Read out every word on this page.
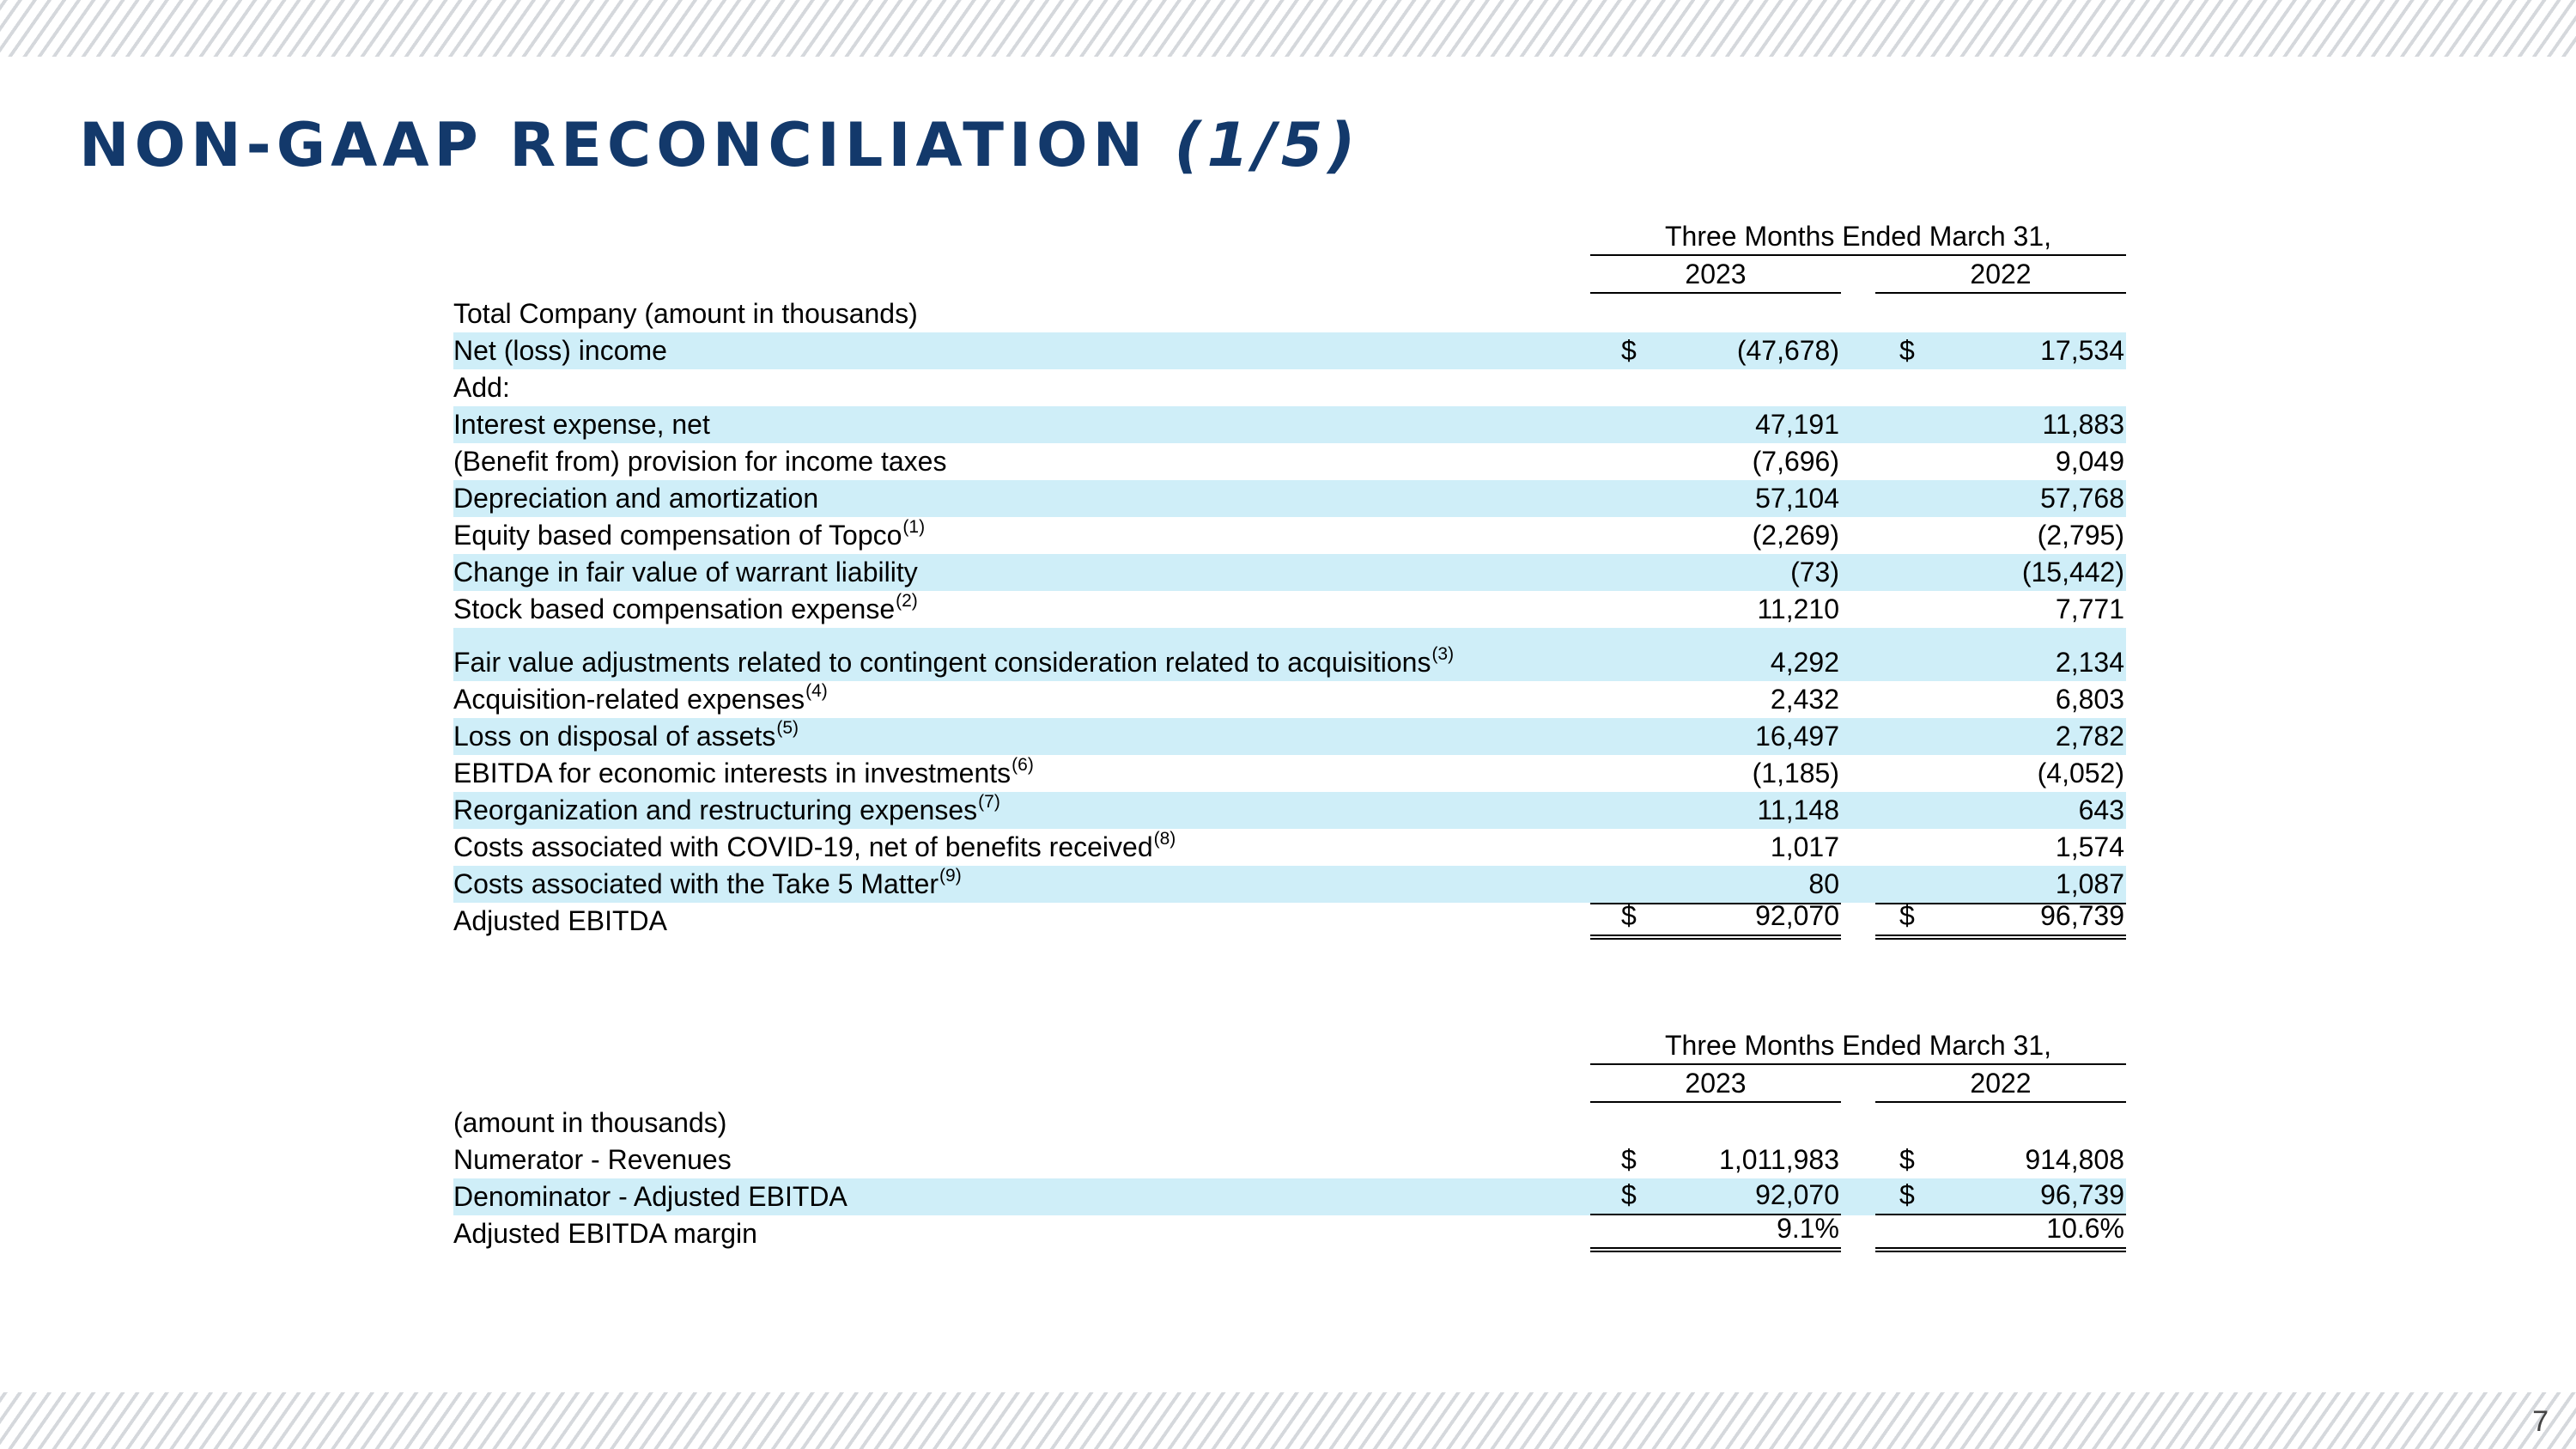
NON-GAAP RECONCILIATION (1/5)
Three Months Ended March 31,
2023	2022
Total Company (amount in thousands)
Net (loss) income	$	(47,678) $	17,534
Add:
Interest expense, net	47,191	11,883
(Benefit from) provision for income taxes	(7,696)	9,049
Depreciation and amortization	57,104	57,768
Equity based compensation of Topco$^{(1)}$	(2,269)	(2,795)
Change in fair value of warrant liability	(73)	(15,442)
Stock based compensation expense$^{(2)}$	11,210	7,771
Fair value adjustments related to contingent consideration related to acquisitions$^{(3)}$	4,292	2,134
Acquisition-related expenses$^{(4)}$	2,432	6,803
Loss on disposal of assets$^{(5)}$	16,497	2,782
EBITDA for economic interests in investments$^{(6)}$	(1,185)	(4,052)
Reorganization and restructuring expenses$^{(7)}$	11,148	643
Costs associated with COVID-19, net of benefits received$^{(8)}$	1,017	1,574
Costs associated with the Take 5 Matter$^{(9)}$	80	1,087
Adjusted EBITDA	$	92,070 $	96,739
Three Months Ended March 31,
2023	2022
(amount in thousands)
Numerator - Revenues	$	1,011,983 $	914,808
Denominator - Adjusted EBITDA	$	92,070 $	96,739
Adjusted EBITDA margin	9.1%	10.6%
7
